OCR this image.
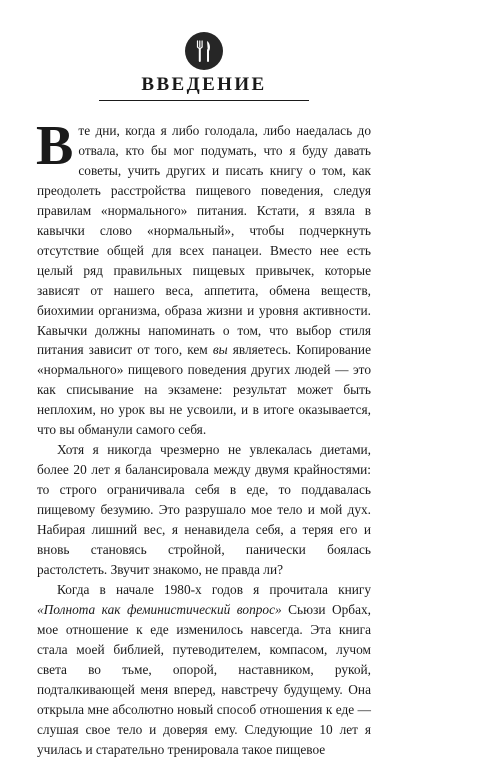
ВВЕДЕНИЕ

Вте дни, когда я либо голодала, либо наедалась до отвала, кто бы мог подумать, что я буду давать советы, учить других и писать книгу о том, как преодолеть расстройства пищевого поведения, следуя правилам «нормального» питания. Кстати, я взяла в кавычки слово «нормальный», чтобы подчеркнуть отсутствие общей для всех панацеи. Вместо нее есть целый ряд правильных пищевых привычек, которые зависят от нашего веса, аппетита, обмена веществ, биохимии организма, образа жизни и уровня активности. Кавычки должны напоминать о том, что выбор стиля питания зависит от того, кем вы являетесь. Копирование «нормального» пищевого поведения других людей — это как списывание на экзамене: результат может быть неплохим, но урок вы не усвоили, и в итоге оказывается, что вы обманули самого себя.

Хотя я никогда чрезмерно не увлекалась диетами, более 20 лет я балансировала между двумя крайностями: то строго ограничивала себя в еде, то поддавалась пищевому безумию. Это разрушало мое тело и мой дух. Набирая лишний вес, я ненавидела себя, а теряя его и вновь становясь стройной, панически боялась растолстеть. Звучит знакомо, не правда ли?

Когда в начале 1980-х годов я прочитала книгу «Полнота как феминистический вопрос» Сьюзи Орбах, мое отношение к еде изменилось навсегда. Эта книга стала моей библией, путеводителем, компасом, лучом света во тьме, опорой, наставником, рукой, подталкивающей меня вперед, навстречу будущему. Она открыла мне абсолютно новый способ отношения к еде — слушая свое тело и доверяя ему. Следующие 10 лет я училась и старательно тренировала такое пищевое
